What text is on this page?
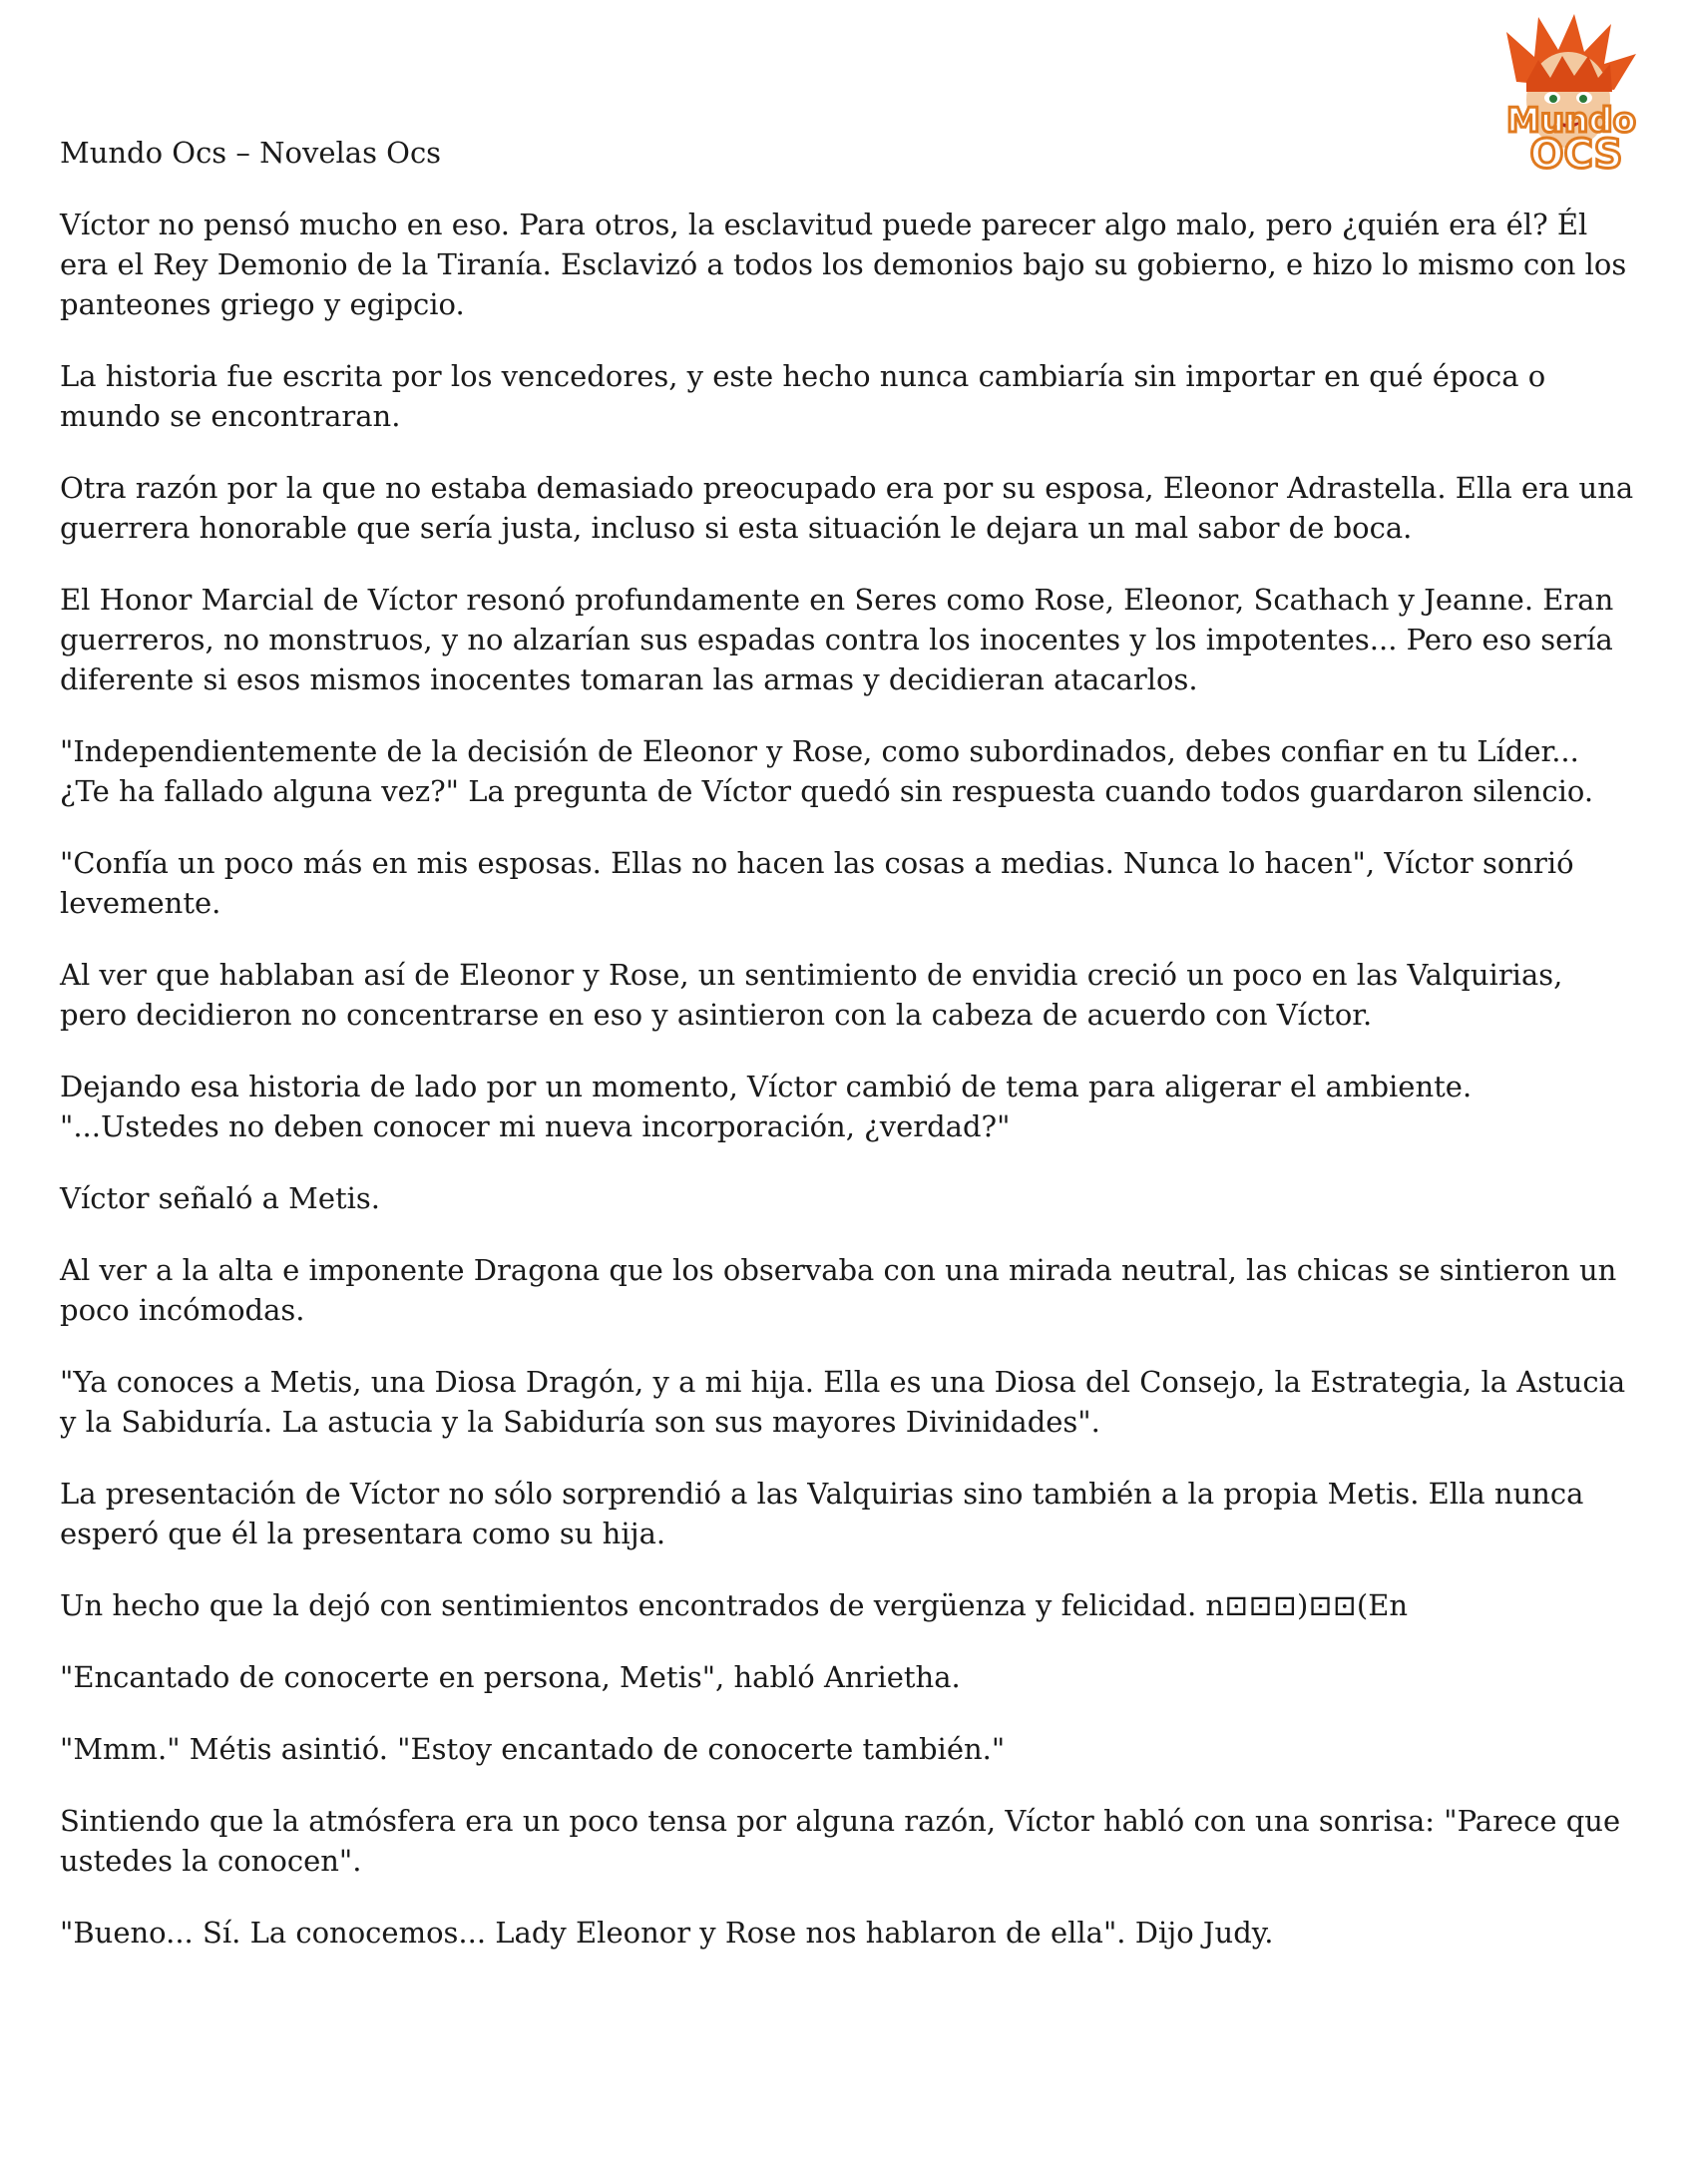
Mundo
OCS

Mundo Ocs – Novelas Ocs

Víctor no pensó mucho en eso. Para otros, la esclavitud puede parecer algo malo, pero ¿quién era él? Él era el Rey Demonio de la Tiranía. Esclavizó a todos los demonios bajo su gobierno, e hizo lo mismo con los panteones griego y egipcio.

La historia fue escrita por los vencedores, y este hecho nunca cambiaría sin importar en qué época o mundo se encontraran.

Otra razón por la que no estaba demasiado preocupado era por su esposa, Eleonor Adrastella. Ella era una guerrera honorable que sería justa, incluso si esta situación le dejara un mal sabor de boca.

El Honor Marcial de Víctor resonó profundamente en Seres como Rose, Eleonor, Scathach y Jeanne. Eran guerreros, no monstruos, y no alzarían sus espadas contra los inocentes y los impotentes... Pero eso sería diferente si esos mismos inocentes tomaran las armas y decidieran atacarlos.

"Independientemente de la decisión de Eleonor y Rose, como subordinados, debes confiar en tu Líder... ¿Te ha fallado alguna vez?" La pregunta de Víctor quedó sin respuesta cuando todos guardaron silencio.

"Confía un poco más en mis esposas. Ellas no hacen las cosas a medias. Nunca lo hacen", Víctor sonrió levemente.

Al ver que hablaban así de Eleonor y Rose, un sentimiento de envidia creció un poco en las Valquirias, pero decidieron no concentrarse en eso y asintieron con la cabeza de acuerdo con Víctor.

Dejando esa historia de lado por un momento, Víctor cambió de tema para aligerar el ambiente. "...Ustedes no deben conocer mi nueva incorporación, ¿verdad?"

Víctor señaló a Metis.

Al ver a la alta e imponente Dragona que los observaba con una mirada neutral, las chicas se sintieron un poco incómodas.

"Ya conoces a Metis, una Diosa Dragón, y a mi hija. Ella es una Diosa del Consejo, la Estrategia, la Astucia y la Sabiduría. La astucia y la Sabiduría son sus mayores Divinidades".

La presentación de Víctor no sólo sorprendió a las Valquirias sino también a la propia Metis. Ella nunca esperó que él la presentara como su hija.

Un hecho que la dejó con sentimientos encontrados de vergüenza y felicidad. n⊡⊡⊡)⊡⊡(En

"Encantado de conocerte en persona, Metis", habló Anrietha.

"Mmm." Métis asintió. "Estoy encantado de conocerte también."

Sintiendo que la atmósfera era un poco tensa por alguna razón, Víctor habló con una sonrisa: "Parece que ustedes la conocen".

"Bueno... Sí. La conocemos... Lady Eleonor y Rose nos hablaron de ella". Dijo Judy.
